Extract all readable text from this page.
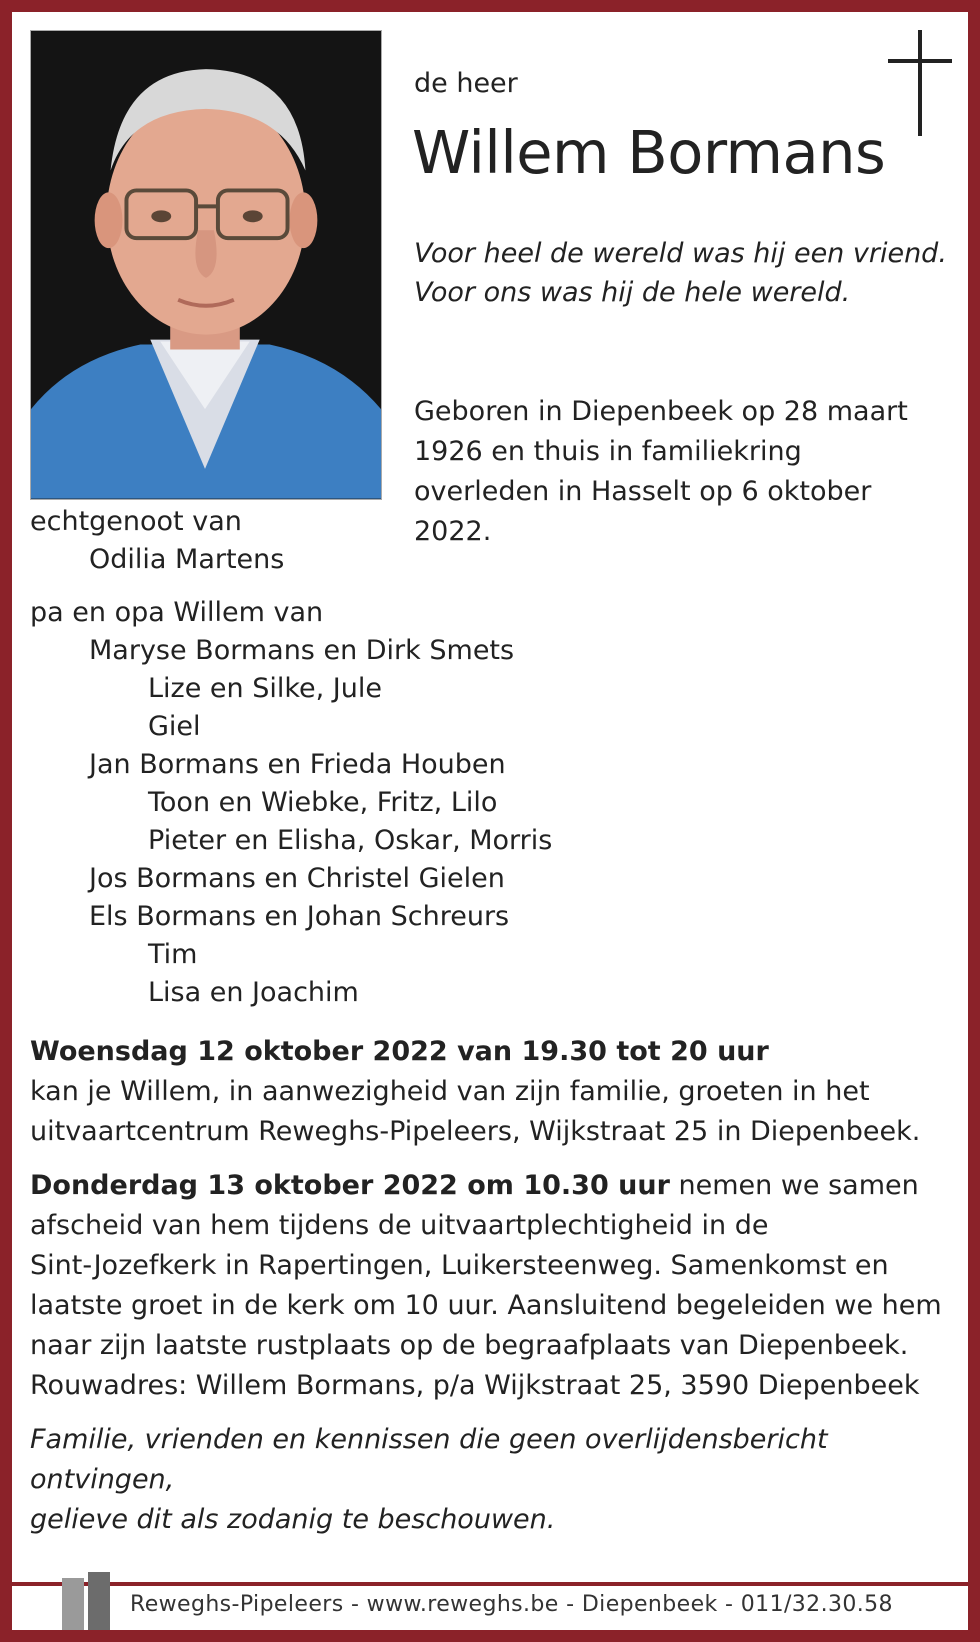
de heer
Willem Bormans
Voor heel de wereld was hij een vriend.
Voor ons was hij de hele wereld.
Geboren in Diepenbeek op 28 maart
1926 en thuis in familiekring
overleden in Hasselt op 6 oktober 2022.
echtgenoot van
Odilia Martens
pa en opa Willem van
Maryse Bormans en Dirk Smets
Lize en Silke, Jule
Giel
Jan Bormans en Frieda Houben
Toon en Wiebke, Fritz, Lilo
Pieter en Elisha, Oskar, Morris
Jos Bormans en Christel Gielen
Els Bormans en Johan Schreurs
Tim
Lisa en Joachim
Woensdag 12 oktober 2022 van 19.30 tot 20 uur
kan je Willem, in aanwezigheid van zijn familie, groeten in het
uitvaartcentrum Reweghs-Pipeleers, Wijkstraat 25 in Diepenbeek.
Donderdag 13 oktober 2022 om 10.30 uur nemen we samen
afscheid van hem tijdens de uitvaartplechtigheid in de
Sint-Jozefkerk in Rapertingen, Luikersteenweg. Samenkomst en
laatste groet in de kerk om 10 uur. Aansluitend begeleiden we hem
naar zijn laatste rustplaats op de begraafplaats van Diepenbeek.
Rouwadres: Willem Bormans, p/a Wijkstraat 25, 3590 Diepenbeek
Familie, vrienden en kennissen die geen overlijdensbericht ontvingen,
gelieve dit als zodanig te beschouwen.
Reweghs-Pipeleers - www.reweghs.be - Diepenbeek - 011/32.30.58
